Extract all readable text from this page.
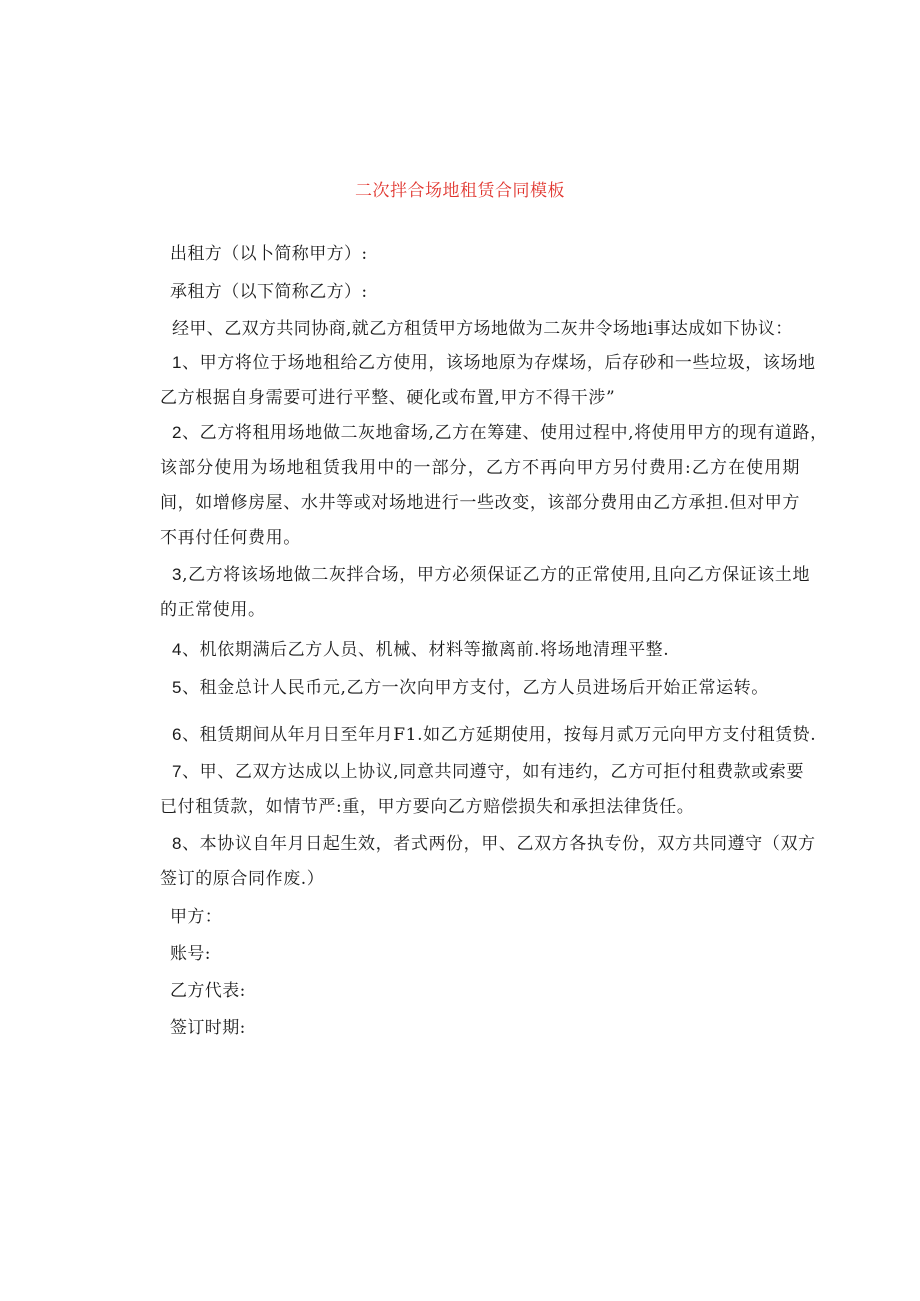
二次拌合场地租赁合同模板
出租方（以卜简称甲方）:
承租方（以下简称乙方）:
经甲、乙双方共同协商,就乙方租赁甲方场地做为二灰井令场地i事达成如下协议：
1、甲方将位于场地租给乙方使用，该场地原为存煤场，后存砂和一些垃圾，该场地
乙方根据自身需要可进行平整、硬化或布置,甲方不得干涉”
2、乙方将租用场地做二灰地畲场,乙方在筹建、使用过程中,将使用甲方的现有道路，
该部分使用为场地租赁我用中的一部分，乙方不再向甲方另付费用:乙方在使用期间，如增修房屋、水井等或对场地进行一些改变，该部分费用由乙方承担.但对甲方不再付任何费用。
3,乙方将该场地做二灰拌合场，甲方必须保证乙方的正常使用,且向乙方保证该土地
的正常使用。
4、机依期满后乙方人员、机械、材料等撤离前.将场地清理平整.
5、租金总计人民币元,乙方一次向甲方支付，乙方人员进场后开始正常运转。
6、租赁期间从年月日至年月F1.如乙方延期使用，按每月贰万元向甲方支付租赁贽.
7、甲、乙双方达成以上协议,同意共同遵守，如有违约，乙方可拒付租费款或索要
已付租赁款，如情节严:重，甲方要向乙方赔偿损失和承担法律货任。
8、本协议自年月日起生效，者式两份，甲、乙双方各执专份，双方共同遵守（双方
签订的原合同作废.）
甲方：
账号:
乙方代表:
签订时期:
